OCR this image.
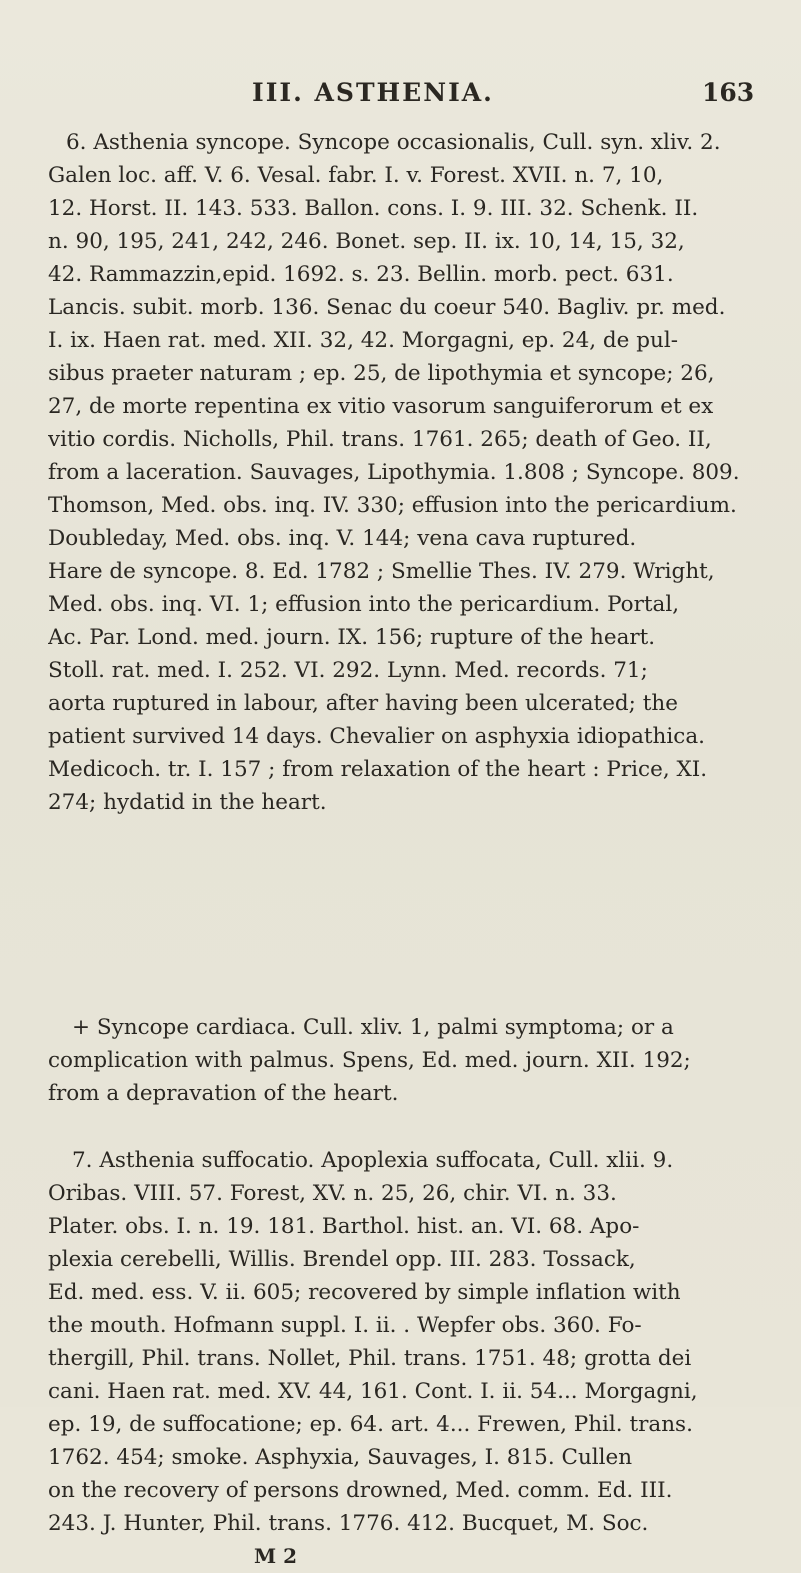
III. ASTHENIA.	163
6. Asthenia syncope. Syncope occasionalis, Cull. syn. xliv. 2.
Galen loc. aff. V. 6. Vesal. fabr. I. v. Forest. XVII. n. 7, 10,
12. Horst. II. 143. 533. Ballon. cons. I. 9. III. 32. Schenk. II.
n. 90, 195, 241, 242, 246. Bonet. sep. II. ix. 10, 14, 15, 32,
42. Rammazzin,epid. 1692. s. 23. Bellin. morb. pect. 631.
Lancis. subit. morb. 136. Senac du coeur 540. Bagliv. pr. med.
I. ix. Haen rat. med. XII. 32, 42. Morgagni, ep. 24, de pul-
sibus praeter naturam ; ep. 25, de lipothymia et syncope; 26,
27, de morte repentina ex vitio vasorum sanguiferorum et ex
vitio cordis. Nicholls, Phil. trans. 1761. 265; death of Geo. II,
from a laceration. Sauvages, Lipothymia. 1.808 ; Syncope. 809.
Thomson, Med. obs. inq. IV. 330; effusion into the pericardium.
Doubleday, Med. obs. inq. V. 144; vena cava ruptured.
Hare de syncope. 8. Ed. 1782 ; Smellie Thes. IV. 279. Wright,
Med. obs. inq. VI. 1; effusion into the pericardium. Portal,
Ac. Par. Lond. med. journ. IX. 156; rupture of the heart.
Stoll. rat. med. I. 252. VI. 292. Lynn. Med. records. 71;
aorta ruptured in labour, after having been ulcerated; the
patient survived 14 days. Chevalier on asphyxia idiopathica.
Medicoch. tr. I. 157 ; from relaxation of the heart : Price, XI.
274; hydatid in the heart.
+ Syncope cardiaca. Cull. xliv. 1, palmi symptoma; or a
complication with palmus. Spens, Ed. med. journ. XII. 192;
from a depravation of the heart.
7. Asthenia suffocatio. Apoplexia suffocata, Cull. xlii. 9.
Oribas. VIII. 57. Forest, XV. n. 25, 26, chir. VI. n. 33.
Plater. obs. I. n. 19. 181. Barthol. hist. an. VI. 68. Apo-
plexia cerebelli, Willis. Brendel opp. III. 283. Tossack,
Ed. med. ess. V. ii. 605; recovered by simple inflation with
the mouth. Hofmann suppl. I. ii. . Wepfer obs. 360. Fo-
thergill, Phil. trans. Nollet, Phil. trans. 1751. 48; grotta dei
cani. Haen rat. med. XV. 44, 161. Cont. I. ii. 54... Morgagni,
ep. 19, de suffocatione; ep. 64. art. 4... Frewen, Phil. trans.
1762. 454; smoke. Asphyxia, Sauvages, I. 815. Cullen
on the recovery of persons drowned, Med. comm. Ed. III.
243. J. Hunter, Phil. trans. 1776. 412. Bucquet, M. Soc.
M 2
